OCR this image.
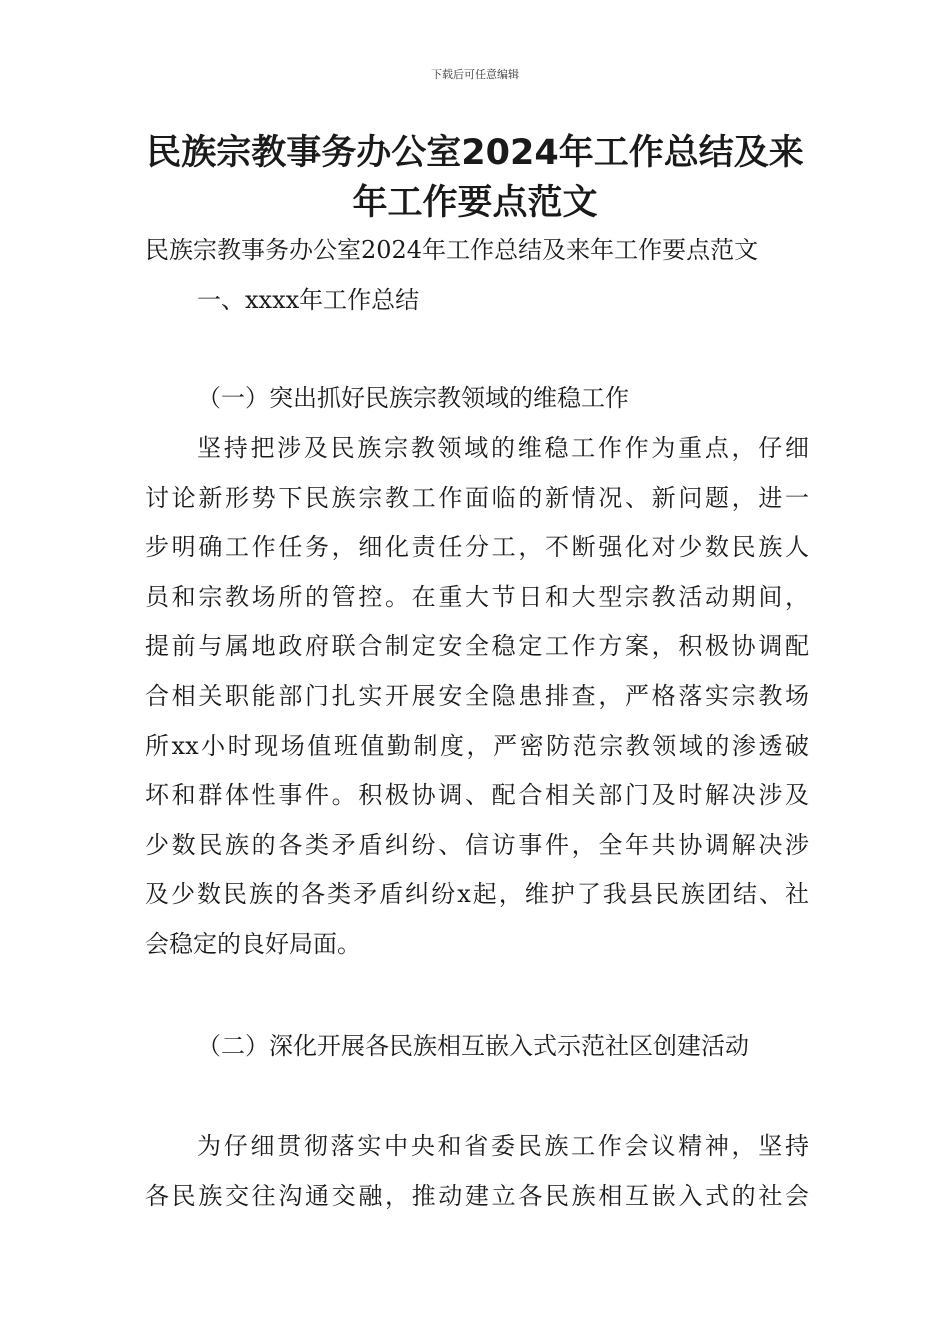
下载后可任意编辑
民族宗教事务办公室2024年工作总结及来
年工作要点范文

民族宗教事务办公室2024年工作总结及来年工作要点范文

一、xxxx年工作总结

（一）突出抓好民族宗教领域的维稳工作

坚持把涉及民族宗教领域的维稳工作作为重点，仔细
讨论新形势下民族宗教工作面临的新情况、新问题，进一
步明确工作任务，细化责任分工，不断强化对少数民族人
员和宗教场所的管控。在重大节日和大型宗教活动期间，
提前与属地政府联合制定安全稳定工作方案，积极协调配
合相关职能部门扎实开展安全隐患排查，严格落实宗教场
所xx小时现场值班值勤制度，严密防范宗教领域的渗透破
坏和群体性事件。积极协调、配合相关部门及时解决涉及
少数民族的各类矛盾纠纷、信访事件，全年共协调解决涉
及少数民族的各类矛盾纠纷x起，维护了我县民族团结、社
会稳定的良好局面。

（二）深化开展各民族相互嵌入式示范社区创建活动

为仔细贯彻落实中央和省委民族工作会议精神，坚持
各民族交往沟通交融，推动建立各民族相互嵌入式的社会
